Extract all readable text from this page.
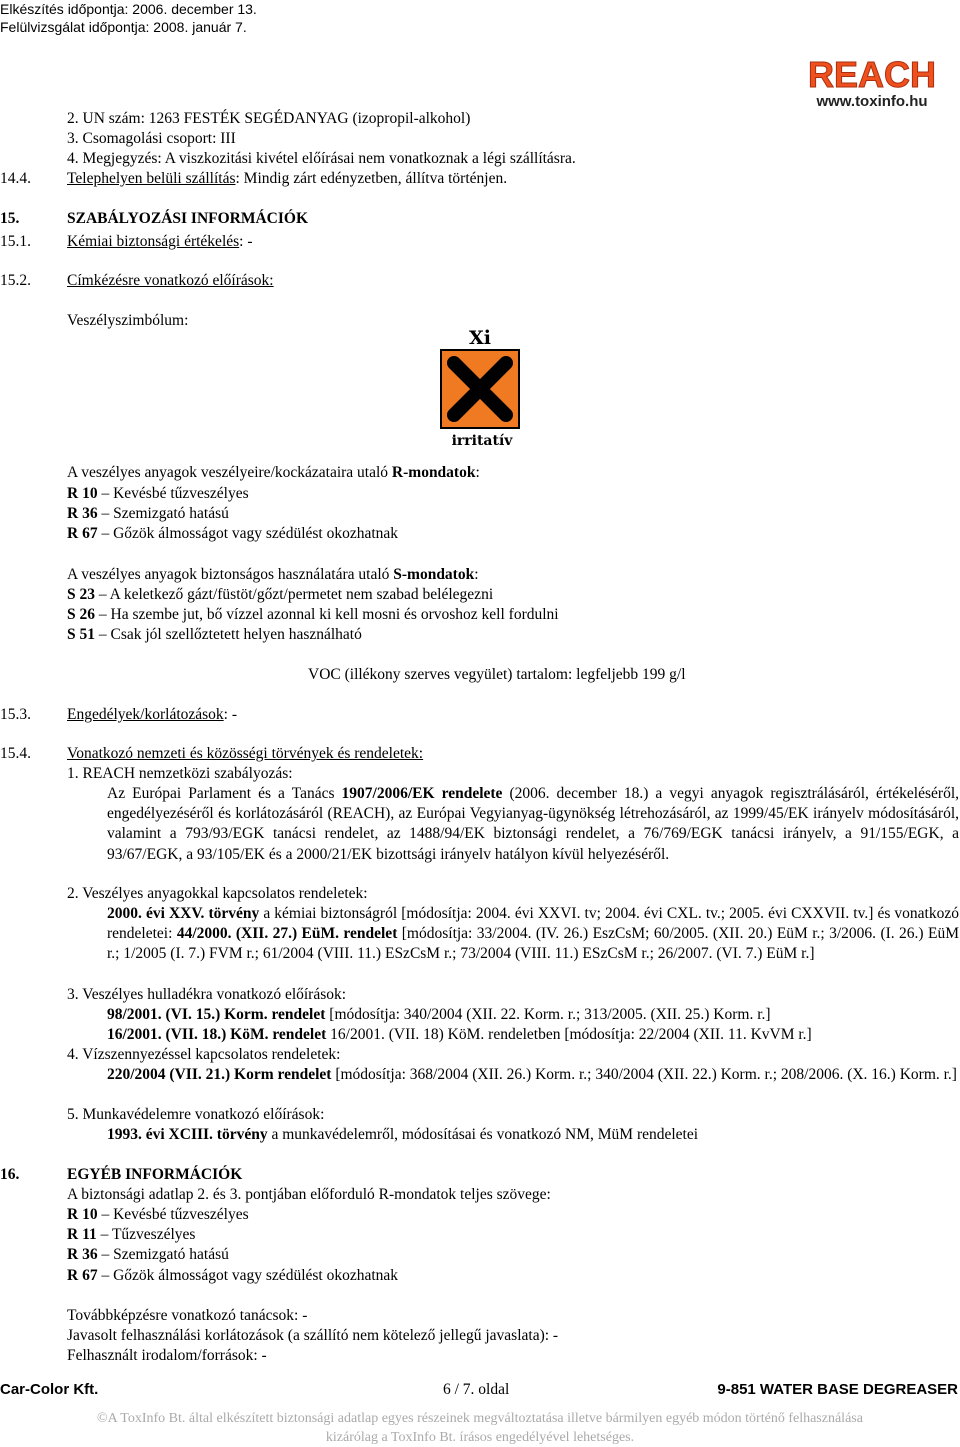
Elkészítés időpontja: 2006. december 13.
Felülvizsgálat időpontja: 2008. január 7.
REACH
www.toxinfo.hu
2. UN szám: 1263 FESTÉK SEGÉDANYAG (izopropil-alkohol)
3. Csomagolási csoport: III
4. Megjegyzés: A viszkozitási kivétel előírásai nem vonatkoznak a légi szállításra.
14.4. Telephelyen belüli szállítás: Mindig zárt edényzetben, állítva történjen.
15.	SZABÁLYOZÁSI INFORMÁCIÓK
15.1. Kémiai biztonsági értékelés: -
15.2. Címkézésre vonatkozó előírások:
Veszélyszimbólum:
Xi
irritatív
A veszélyes anyagok veszélyeire/kockázataira utaló R-mondatok:
R 10 – Kevésbé tűzveszélyes
R 36 – Szemizgató hatású
R 67 – Gőzök álmosságot vagy szédülést okozhatnak
A veszélyes anyagok biztonságos használatára utaló S-mondatok:
S 23 – A keletkező gázt/füstöt/gőzt/permetet nem szabad belélegezni
S 26 – Ha szembe jut, bő vízzel azonnal ki kell mosni és orvoshoz kell fordulni
S 51 – Csak jól szellőztetett helyen használható
VOC (illékony szerves vegyület) tartalom: legfeljebb 199 g/l
15.3. Engedélyek/korlátozások: -
15.4. Vonatkozó nemzeti és közösségi törvények és rendeletek:
1. REACH nemzetközi szabályozás:
Az Európai Parlament és a Tanács 1907/2006/EK rendelete (2006. december 18.) a vegyi anyagok regisztrálásáról, értékeléséről, engedélyezéséről és korlátozásáról (REACH), az Európai Vegyianyag-ügynökség létrehozásáról, az 1999/45/EK irányelv módosításáról, valamint a 793/93/EGK tanácsi rendelet, az 1488/94/EK biztonsági rendelet, a 76/769/EGK tanácsi irányelv, a 91/155/EGK, a 93/67/EGK, a 93/105/EK és a 2000/21/EK bizottsági irányelv hatályon kívül helyezéséről.
2. Veszélyes anyagokkal kapcsolatos rendeletek:
2000. évi XXV. törvény a kémiai biztonságról [módosítja: 2004. évi XXVI. tv; 2004. évi CXL. tv.; 2005. évi CXXVII. tv.] és vonatkozó rendeletei: 44/2000. (XII. 27.) EüM. rendelet [módosítja: 33/2004. (IV. 26.) EszCsM; 60/2005. (XII. 20.) EüM r.; 3/2006. (I. 26.) EüM r.; 1/2005 (I. 7.) FVM r.; 61/2004 (VIII. 11.) ESzCsM r.; 73/2004 (VIII. 11.) ESzCsM r.; 26/2007. (VI. 7.) EüM r.]
3. Veszélyes hulladékra vonatkozó előírások:
98/2001. (VI. 15.) Korm. rendelet [módosítja: 340/2004 (XII. 22. Korm. r.; 313/2005. (XII. 25.) Korm. r.]
16/2001. (VII. 18.) KöM. rendelet 16/2001. (VII. 18) KöM. rendeletben [módosítja: 22/2004 (XII. 11. KvVM r.]
4. Vízszennyezéssel kapcsolatos rendeletek:
220/2004 (VII. 21.) Korm rendelet [módosítja: 368/2004 (XII. 26.) Korm. r.; 340/2004 (XII. 22.) Korm. r.; 208/2006. (X. 16.) Korm. r.]
5. Munkavédelemre vonatkozó előírások:
1993. évi XCIII. törvény a munkavédelemről, módosításai és vonatkozó NM, MüM rendeletei
16.	EGYÉB INFORMÁCIÓK
A biztonsági adatlap 2. és 3. pontjában előforduló R-mondatok teljes szövege:
R 10 – Kevésbé tűzveszélyes
R 11 – Tűzveszélyes
R 36 – Szemizgató hatású
R 67 – Gőzök álmosságot vagy szédülést okozhatnak
Továbbképzésre vonatkozó tanácsok: -
Javasolt felhasználási korlátozások (a szállító nem kötelező jellegű javaslata): -
Felhasznált irodalom/források: -
Car-Color Kft.	6 / 7. oldal	9-851 WATER BASE DEGREASER
©A ToxInfo Bt. által elkészített biztonsági adatlap egyes részeinek megváltoztatása illetve bármilyen egyéb módon történő felhasználása
kizárólag a ToxInfo Bt. írásos engedélyével lehetséges.
